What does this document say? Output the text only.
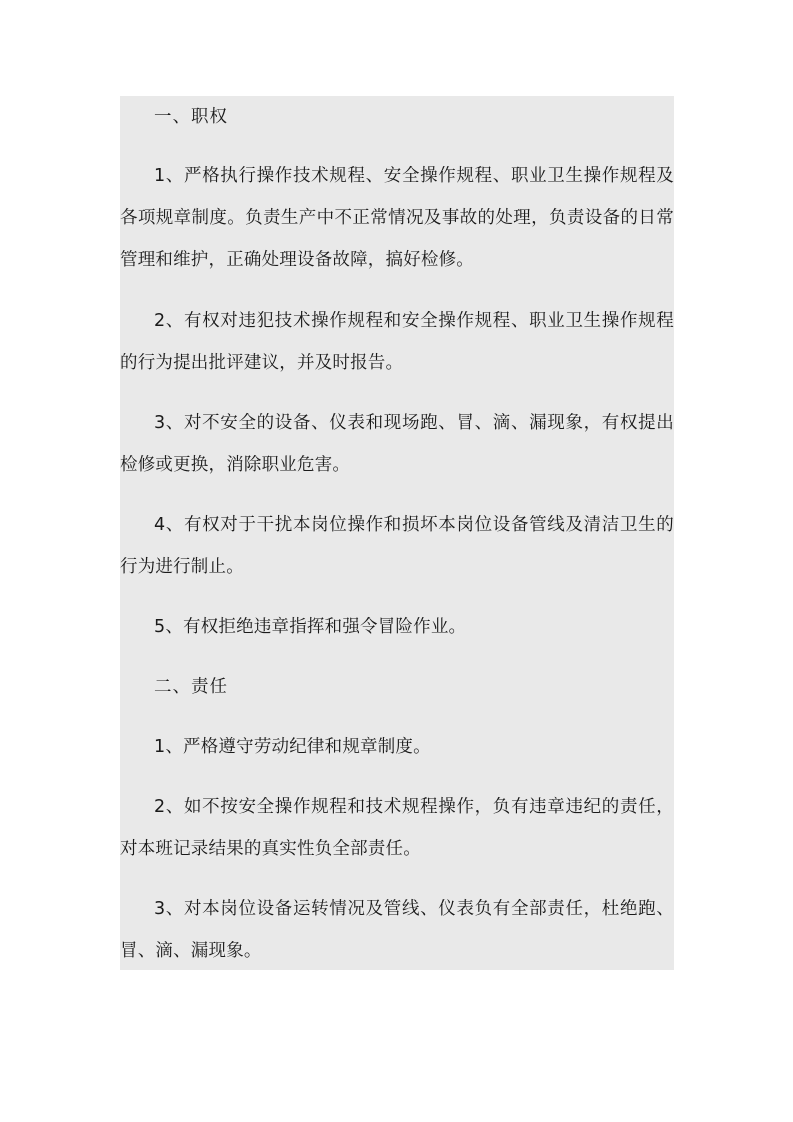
一、职权

1、严格执行操作技术规程、安全操作规程、职业卫生操作规程及各项规章制度。负责生产中不正常情况及事故的处理，负责设备的日常管理和维护，正确处理设备故障，搞好检修。

2、有权对违犯技术操作规程和安全操作规程、职业卫生操作规程的行为提出批评建议，并及时报告。

3、对不安全的设备、仪表和现场跑、冒、滴、漏现象，有权提出检修或更换，消除职业危害。

4、有权对于干扰本岗位操作和损坏本岗位设备管线及清洁卫生的行为进行制止。

5、有权拒绝违章指挥和强令冒险作业。

二、责任

1、严格遵守劳动纪律和规章制度。

2、如不按安全操作规程和技术规程操作，负有违章违纪的责任，对本班记录结果的真实性负全部责任。

3、对本岗位设备运转情况及管线、仪表负有全部责任，杜绝跑、冒、滴、漏现象。
